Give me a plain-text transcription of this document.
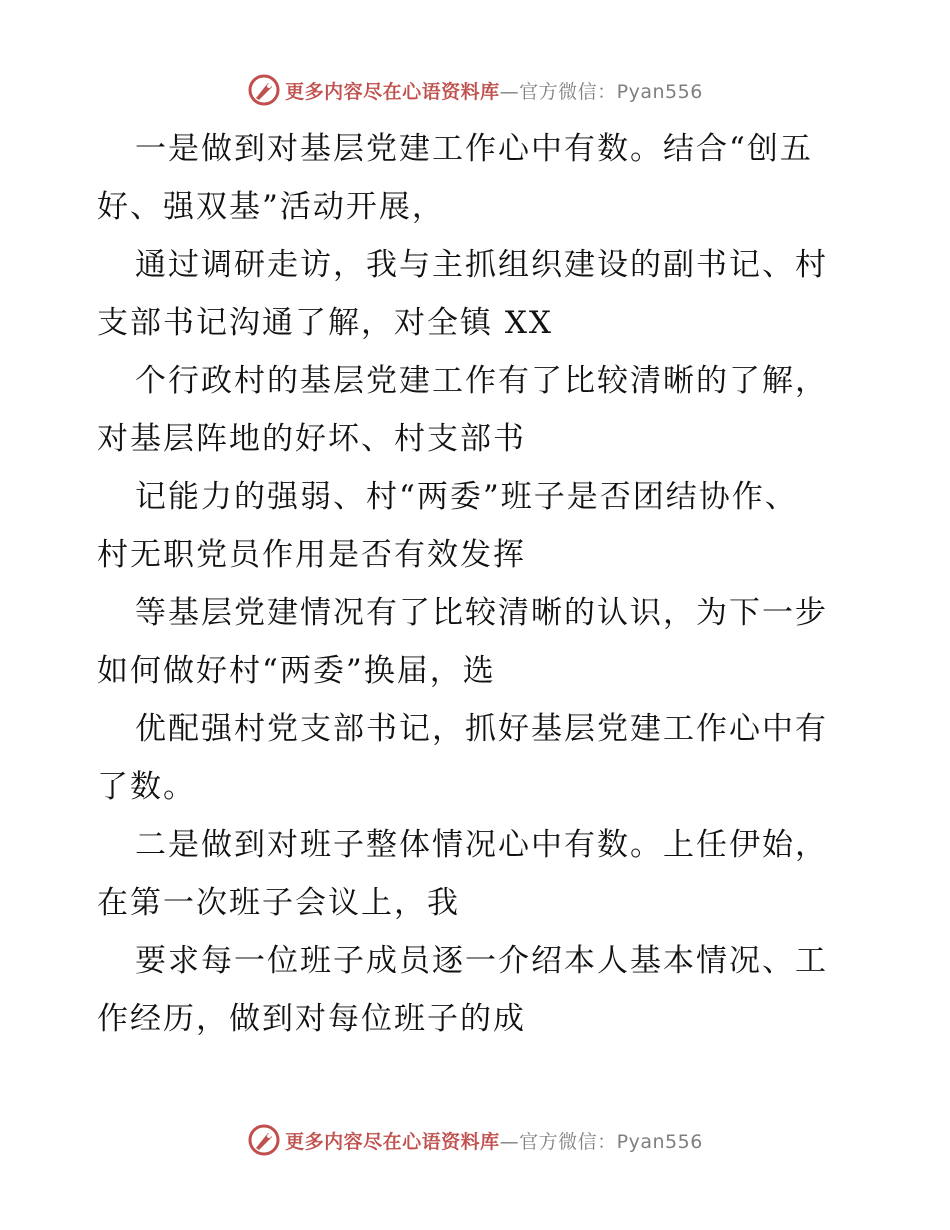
更多内容尽在心语资料库 —官方微信：Pyan556
一是做到对基层党建工作心中有数。结合“创五
好、强双基”活动开展，
通过调研走访，我与主抓组织建设的副书记、村
支部书记沟通了解，对全镇 XX
个行政村的基层党建工作有了比较清晰的了解，
对基层阵地的好坏、村支部书
记能力的强弱、村“两委”班子是否团结协作、
村无职党员作用是否有效发挥
等基层党建情况有了比较清晰的认识，为下一步
如何做好村“两委”换届，选
优配强村党支部书记，抓好基层党建工作心中有
了数。
二是做到对班子整体情况心中有数。上任伊始，
在第一次班子会议上，我
要求每一位班子成员逐一介绍本人基本情况、工
作经历，做到对每位班子的成
更多内容尽在心语资料库 —官方微信：Pyan556
